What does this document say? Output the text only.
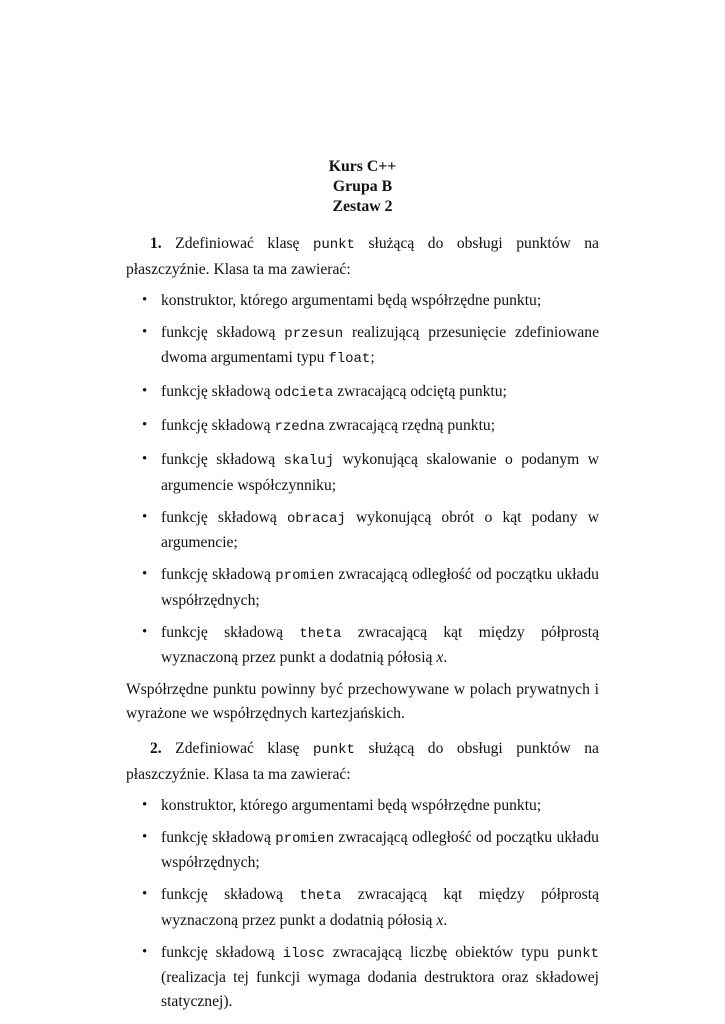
Kurs C++
Grupa B
Zestaw 2

1. Zdefiniować klasę punkt służącą do obsługi punktów na płaszczyźnie. Klasa ta ma zawierać:

• konstruktor, którego argumentami będą współrzędne punktu;
• funkcję składową przesun realizującą przesunięcie zdefiniowane dwoma argumentami typu float;
• funkcję składową odcieta zwracającą odciętą punktu;
• funkcję składową rzedna zwracającą rzędną punktu;
• funkcję składową skaluj wykonującą skalowanie o podanym w argumencie współczynniku;
• funkcję składową obracaj wykonującą obrót o kąt podany w argumencie;
• funkcję składową promien zwracającą odległość od początku układu współrzędnych;
• funkcję składową theta zwracającą kąt między półprostą wyznaczoną przez punkt a dodatnią półosią x.

Współrzędne punktu powinny być przechowywane w polach prywatnych i wyrażone we współrzędnych kartezjańskich.

2. Zdefiniować klasę punkt służącą do obsługi punktów na płaszczyźnie. Klasa ta ma zawierać:

• konstruktor, którego argumentami będą współrzędne punktu;
• funkcję składową promien zwracającą odległość od początku układu współrzędnych;
• funkcję składową theta zwracającą kąt między półprostą wyznaczoną przez punkt a dodatnią półosią x.
• funkcję składową ilosc zwracającą liczbę obiektów typu punkt (realizacja tej funkcji wymaga dodania destruktora oraz składowej statycznej).
